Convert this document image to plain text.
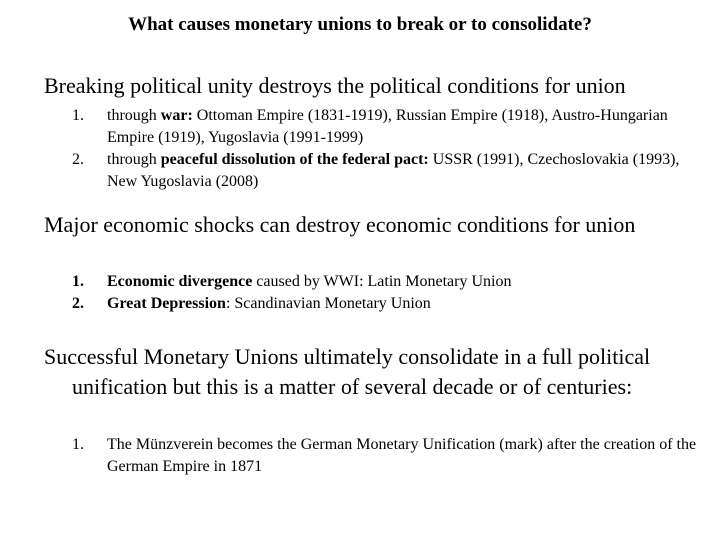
What causes monetary unions to break or to consolidate?
Breaking political unity destroys the political conditions for union
1.	through war: Ottoman Empire (1831-1919), Russian Empire (1918), Austro-Hungarian Empire (1919), Yugoslavia (1991-1999)
2.	through peaceful dissolution of the federal pact: USSR (1991), Czechoslovakia (1993), New Yugoslavia (2008)
Major economic shocks can destroy economic conditions for union
1.	Economic divergence caused by WWI: Latin Monetary Union
2.	Great Depression: Scandinavian Monetary Union
Successful Monetary Unions ultimately consolidate in a full political unification but this is a matter of several decade or of centuries:
1.	The Münzverein becomes the German Monetary Unification (mark) after the creation of the German Empire in 1871
